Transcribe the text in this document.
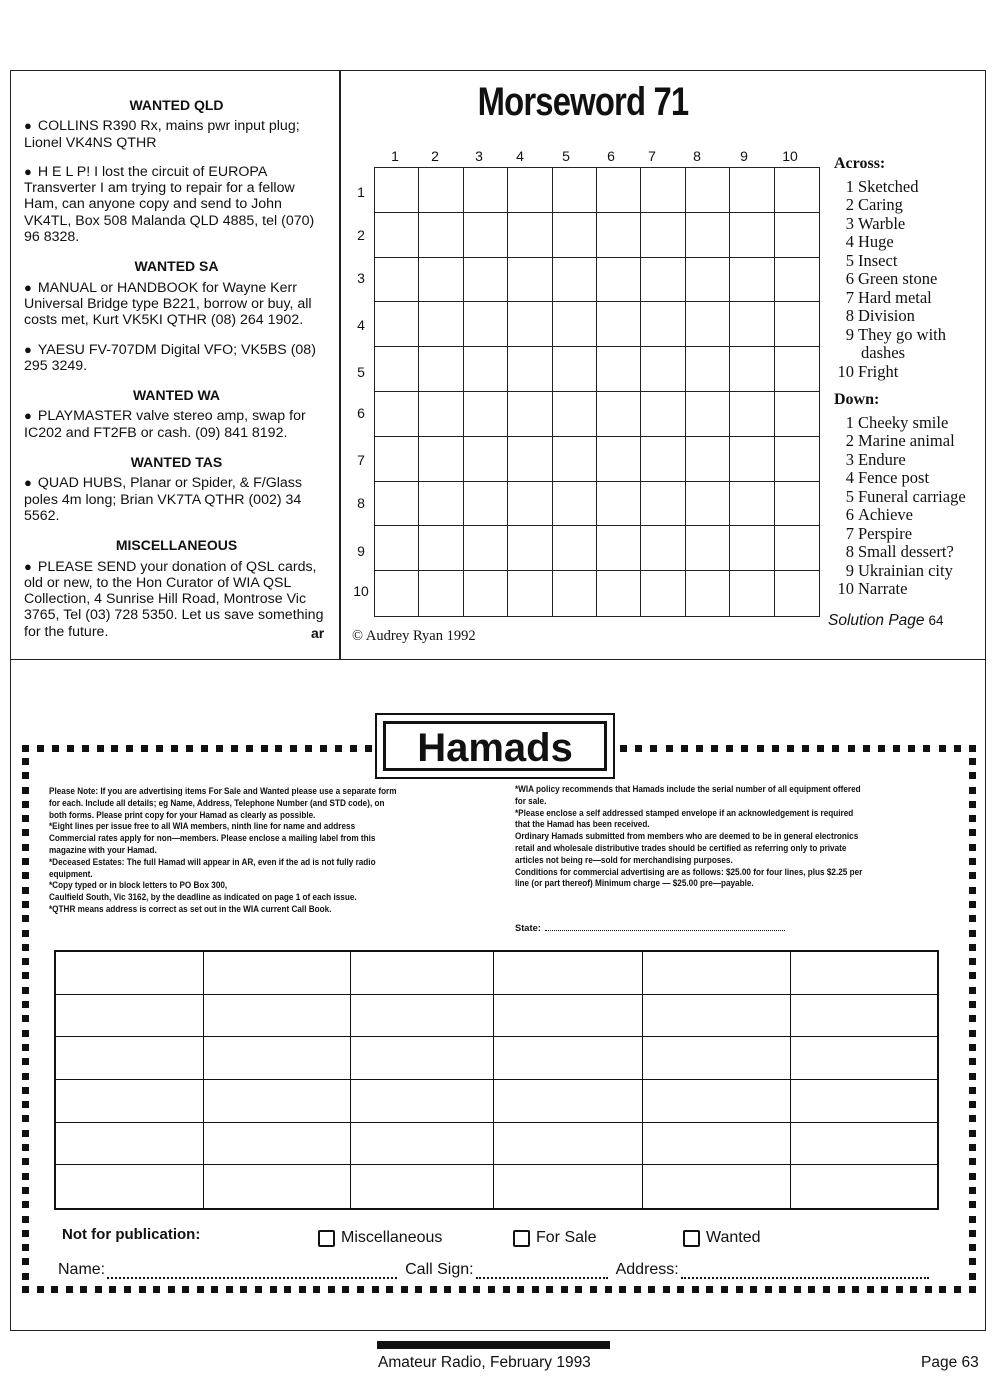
WANTED QLD
● COLLINS R390 Rx, mains pwr input plug; Lionel VK4NS QTHR
● H E L P! I lost the circuit of EUROPA Transverter I am trying to repair for a fellow Ham, can anyone copy and send to John VK4TL, Box 508 Malanda QLD 4885, tel (070) 96 8328.
WANTED SA
● MANUAL or HANDBOOK for Wayne Kerr Universal Bridge type B221, borrow or buy, all costs met, Kurt VK5KI QTHR (08) 264 1902.
● YAESU FV-707DM Digital VFO; VK5BS (08) 295 3249.
WANTED WA
● PLAYMASTER valve stereo amp, swap for IC202 and FT2FB or cash. (09) 841 8192.
WANTED TAS
● QUAD HUBS, Planar or Spider, & F/Glass poles 4m long; Brian VK7TA QTHR (002) 34 5562.
MISCELLANEOUS
● PLEASE SEND your donation of QSL cards, old or new, to the Hon Curator of WIA QSL Collection, 4 Sunrise Hill Road, Montrose Vic 3765, Tel (03) 728 5350. Let us save something for the future.	ar
Morseword 71
1	2	3	4	5	6	7	8	9	10
1
2
3
4
5
6
7
8
9
10
© Audrey Ryan 1992
Across:
1 Sketched
2 Caring
3 Warble
4 Huge
5 Insect
6 Green stone
7 Hard metal
8 Division
9 They go with
dashes
10 Fright
Down:
1 Cheeky smile
2 Marine animal
3 Endure
4 Fence post
5 Funeral carriage
6 Achieve
7 Perspire
8 Small dessert?
9 Ukrainian city
10 Narrate
Solution Page 64
Hamads
Please Note: If you are advertising items For Sale and Wanted please use a separate form
for each. Include all details; eg Name, Address, Telephone Number (and STD code), on
both forms. Please print copy for your Hamad as clearly as possible.
*Eight lines per issue free to all WIA members, ninth line for name and address
Commercial rates apply for non—members. Please enclose a mailing label from this
magazine with your Hamad.
*Deceased Estates: The full Hamad will appear in AR, even if the ad is not fully radio
equipment.
*Copy typed or in block letters to PO Box 300,
Caulfield South, Vic 3162, by the deadline as indicated on page 1 of each issue.
*QTHR means address is correct as set out in the WIA current Call Book.
*WIA policy recommends that Hamads include the serial number of all equipment offered
for sale.
*Please enclose a self addressed stamped envelope if an acknowledgement is required
that the Hamad has been received.
Ordinary Hamads submitted from members who are deemed to be in general electronics
retail and wholesale distributive trades should be certified as referring only to private
articles not being re—sold for merchandising purposes.
Conditions for commercial advertising are as follows: $25.00 for four lines, plus $2.25 per
line (or part thereof) Minimum charge — $25.00 pre—payable.
State:
Not for publication:	Miscellaneous	For Sale	Wanted
Name:	Call Sign:	Address:
Amateur Radio, February 1993	Page 63
